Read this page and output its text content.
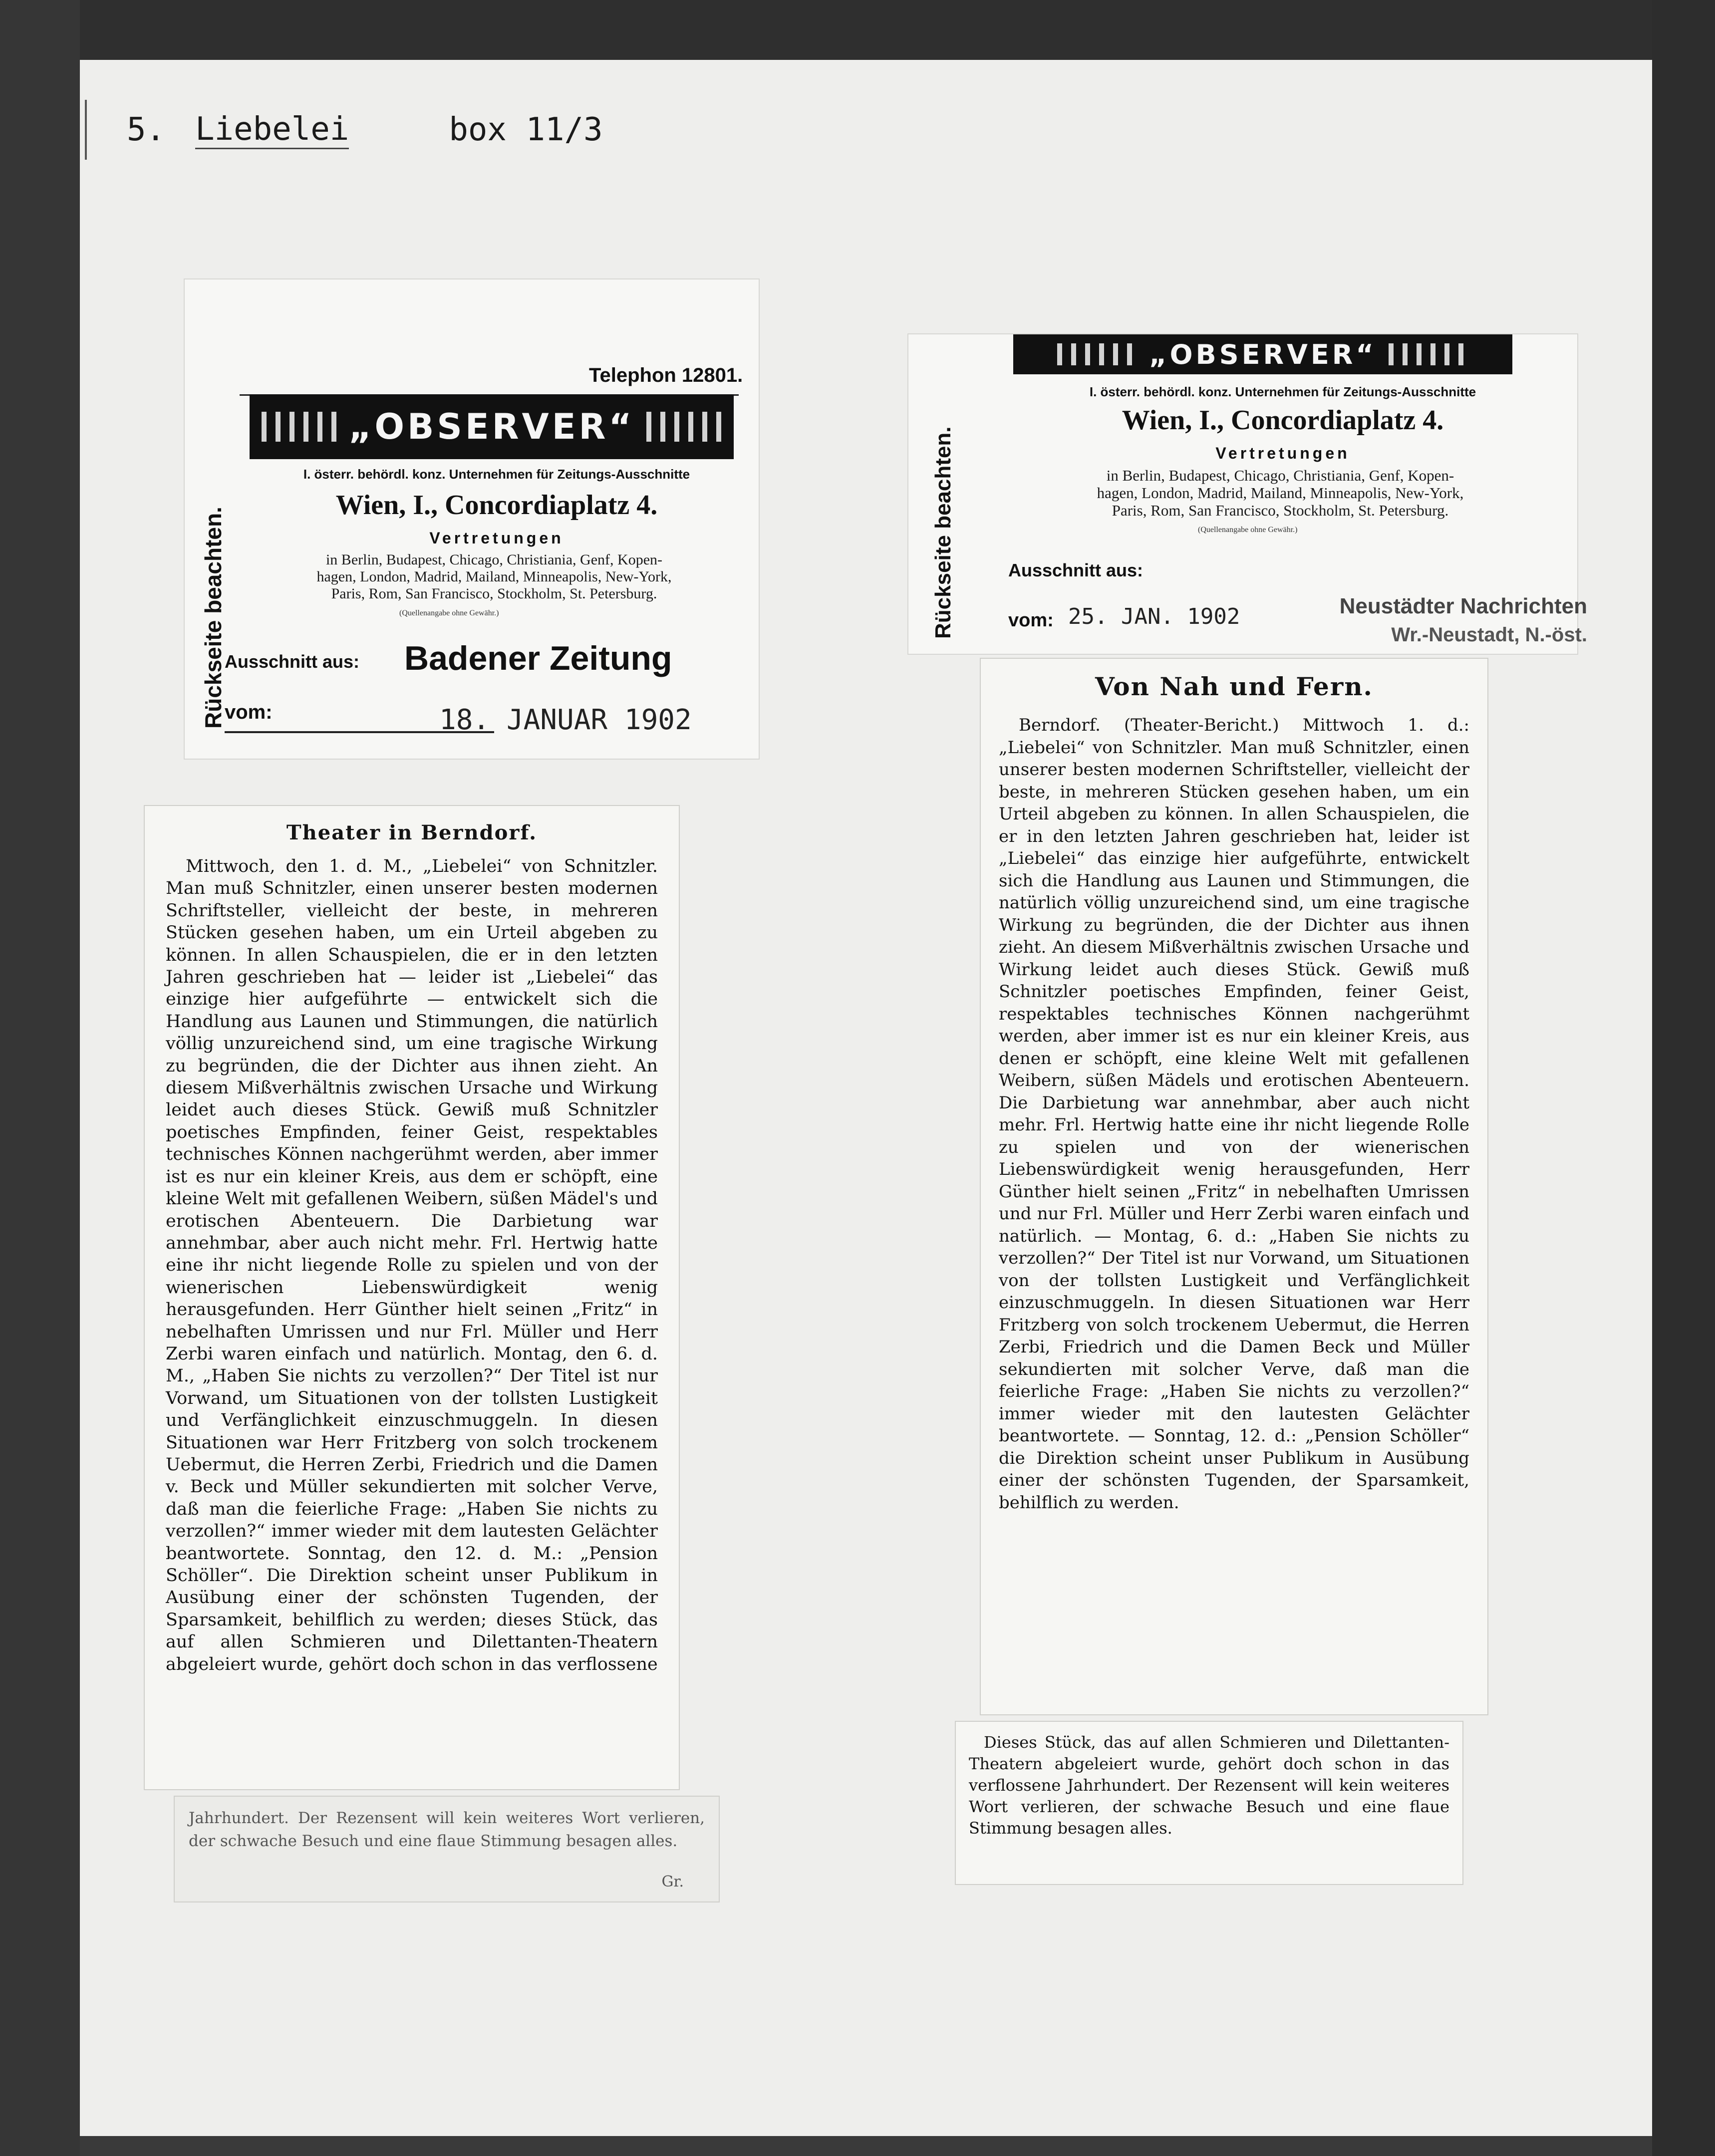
5. Liebelei	box 11/3
Rückseite beachten.
Telephon 12801.
„OBSERVER“
I. österr. behördl. konz. Unternehmen für Zeitungs-Ausschnitte
Wien, I., Concordiaplatz 4.
Vertretungen
in Berlin, Budapest, Chicago, Christiania, Genf, Kopen-
hagen, London, Madrid, Mailand, Minneapolis, New-York,
Paris, Rom, San Francisco, Stockholm, St. Petersburg.
(Quellenangabe ohne Gewähr.)
Ausschnitt aus: Badener Zeitung
vom:	18. JANUAR 1902
Theater in Berndorf.

Mittwoch, den 1. d. M., „Liebelei“ von Schnitzler. Man muß Schnitzler, einen unserer besten modernen Schriftsteller, vielleicht der beste, in mehreren Stücken gesehen haben, um ein Urteil abgeben zu können. In allen Schauspielen, die er in den letzten Jahren geschrieben hat — leider ist „Liebelei“ das einzige hier aufgeführte — entwickelt sich die Handlung aus Launen und Stimmungen, die natürlich völlig unzureichend sind, um eine tragische Wirkung zu begründen, die der Dichter aus ihnen zieht. An diesem Mißverhältnis zwischen Ursache und Wirkung leidet auch dieses Stück. Gewiß muß Schnitzler poetisches Empfinden, feiner Geist, respektables technisches Können nachgerühmt werden, aber immer ist es nur ein kleiner Kreis, aus dem er schöpft, eine kleine Welt mit gefallenen Weibern, süßen Mädel's und erotischen Abenteuern. Die Darbietung war annehmbar, aber auch nicht mehr. Frl. Hertwig hatte eine ihr nicht liegende Rolle zu spielen und von der wienerischen Liebenswürdigkeit wenig herausgefunden. Herr Günther hielt seinen „Fritz“ in nebelhaften Umrissen und nur Frl. Müller und Herr Zerbi waren einfach und natürlich. Montag, den 6. d. M., „Haben Sie nichts zu verzollen?“ Der Titel ist nur Vorwand, um Situationen von der tollsten Lustigkeit und Verfänglichkeit einzuschmuggeln. In diesen Situationen war Herr Fritzberg von solch trockenem Uebermut, die Herren Zerbi, Friedrich und die Damen v. Beck und Müller sekundierten mit solcher Verve, daß man die feierliche Frage: „Haben Sie nichts zu verzollen?“ immer wieder mit dem lautesten Gelächter beantwortete. Sonntag, den 12. d. M.: „Pension Schöller“. Die Direktion scheint unser Publikum in Ausübung einer der schönsten Tugenden, der Sparsamkeit, behilflich zu werden; dieses Stück, das auf allen Schmieren und Dilettanten-Theatern abgeleiert wurde, gehört doch schon in das verflossene

Jahrhundert. Der Rezensent will kein weiteres Wort verlieren, der schwache Besuch und eine flaue Stimmung besagen alles.

Gr.
Rückseite beachten.
„OBSERVER“
I. österr. behördl. konz. Unternehmen für Zeitungs-Ausschnitte
Wien, I., Concordiaplatz 4.
Vertretungen
in Berlin, Budapest, Chicago, Christiania, Genf, Kopen-
hagen, London, Madrid, Mailand, Minneapolis, New-York,
Paris, Rom, San Francisco, Stockholm, St. Petersburg.
(Quellenangabe ohne Gewähr.)
Ausschnitt aus:
vom: 25. JAN. 1902	Neustädter Nachrichten
Wr.-Neustadt, N.-öst.
Von Nah und Fern.

Berndorf. (Theater-Bericht.) Mittwoch 1. d.: „Liebelei“ von Schnitzler. Man muß Schnitzler, einen unserer besten modernen Schriftsteller, vielleicht der beste, in mehreren Stücken gesehen haben, um ein Urteil abgeben zu können. In allen Schauspielen, die er in den letzten Jahren geschrieben hat, leider ist „Liebelei“ das einzige hier aufgeführte, entwickelt sich die Handlung aus Launen und Stimmungen, die natürlich völlig unzureichend sind, um eine tragische Wirkung zu begründen, die der Dichter aus ihnen zieht. An diesem Mißverhältnis zwischen Ursache und Wirkung leidet auch dieses Stück. Gewiß muß Schnitzler poetisches Empfinden, feiner Geist, respektables technisches Können nachgerühmt werden, aber immer ist es nur ein kleiner Kreis, aus denen er schöpft, eine kleine Welt mit gefallenen Weibern, süßen Mädels und erotischen Abenteuern. Die Darbietung war annehmbar, aber auch nicht mehr. Frl. Hertwig hatte eine ihr nicht liegende Rolle zu spielen und von der wienerischen Liebenswürdigkeit wenig herausgefunden, Herr Günther hielt seinen „Fritz“ in nebelhaften Umrissen und nur Frl. Müller und Herr Zerbi waren einfach und natürlich. — Montag, 6. d.: „Haben Sie nichts zu verzollen?“ Der Titel ist nur Vorwand, um Situationen von der tollsten Lustigkeit und Verfänglichkeit einzuschmuggeln. In diesen Situationen war Herr Fritzberg von solch trockenem Uebermut, die Herren Zerbi, Friedrich und die Damen Beck und Müller sekundierten mit solcher Verve, daß man die feierliche Frage: „Haben Sie nichts zu verzollen?“ immer wieder mit den lautesten Gelächter beantwortete. — Sonntag, 12. d.: „Pension Schöller“ die Direktion scheint unser Publikum in Ausübung einer der schönsten Tugenden, der Sparsamkeit, behilflich zu werden.

Dieses Stück, das auf allen Schmieren und Dilettanten-Theatern abgeleiert wurde, gehört doch schon in das verflossene Jahrhundert. Der Rezensent will kein weiteres Wort verlieren, der schwache Besuch und eine flaue Stimmung besagen alles.
